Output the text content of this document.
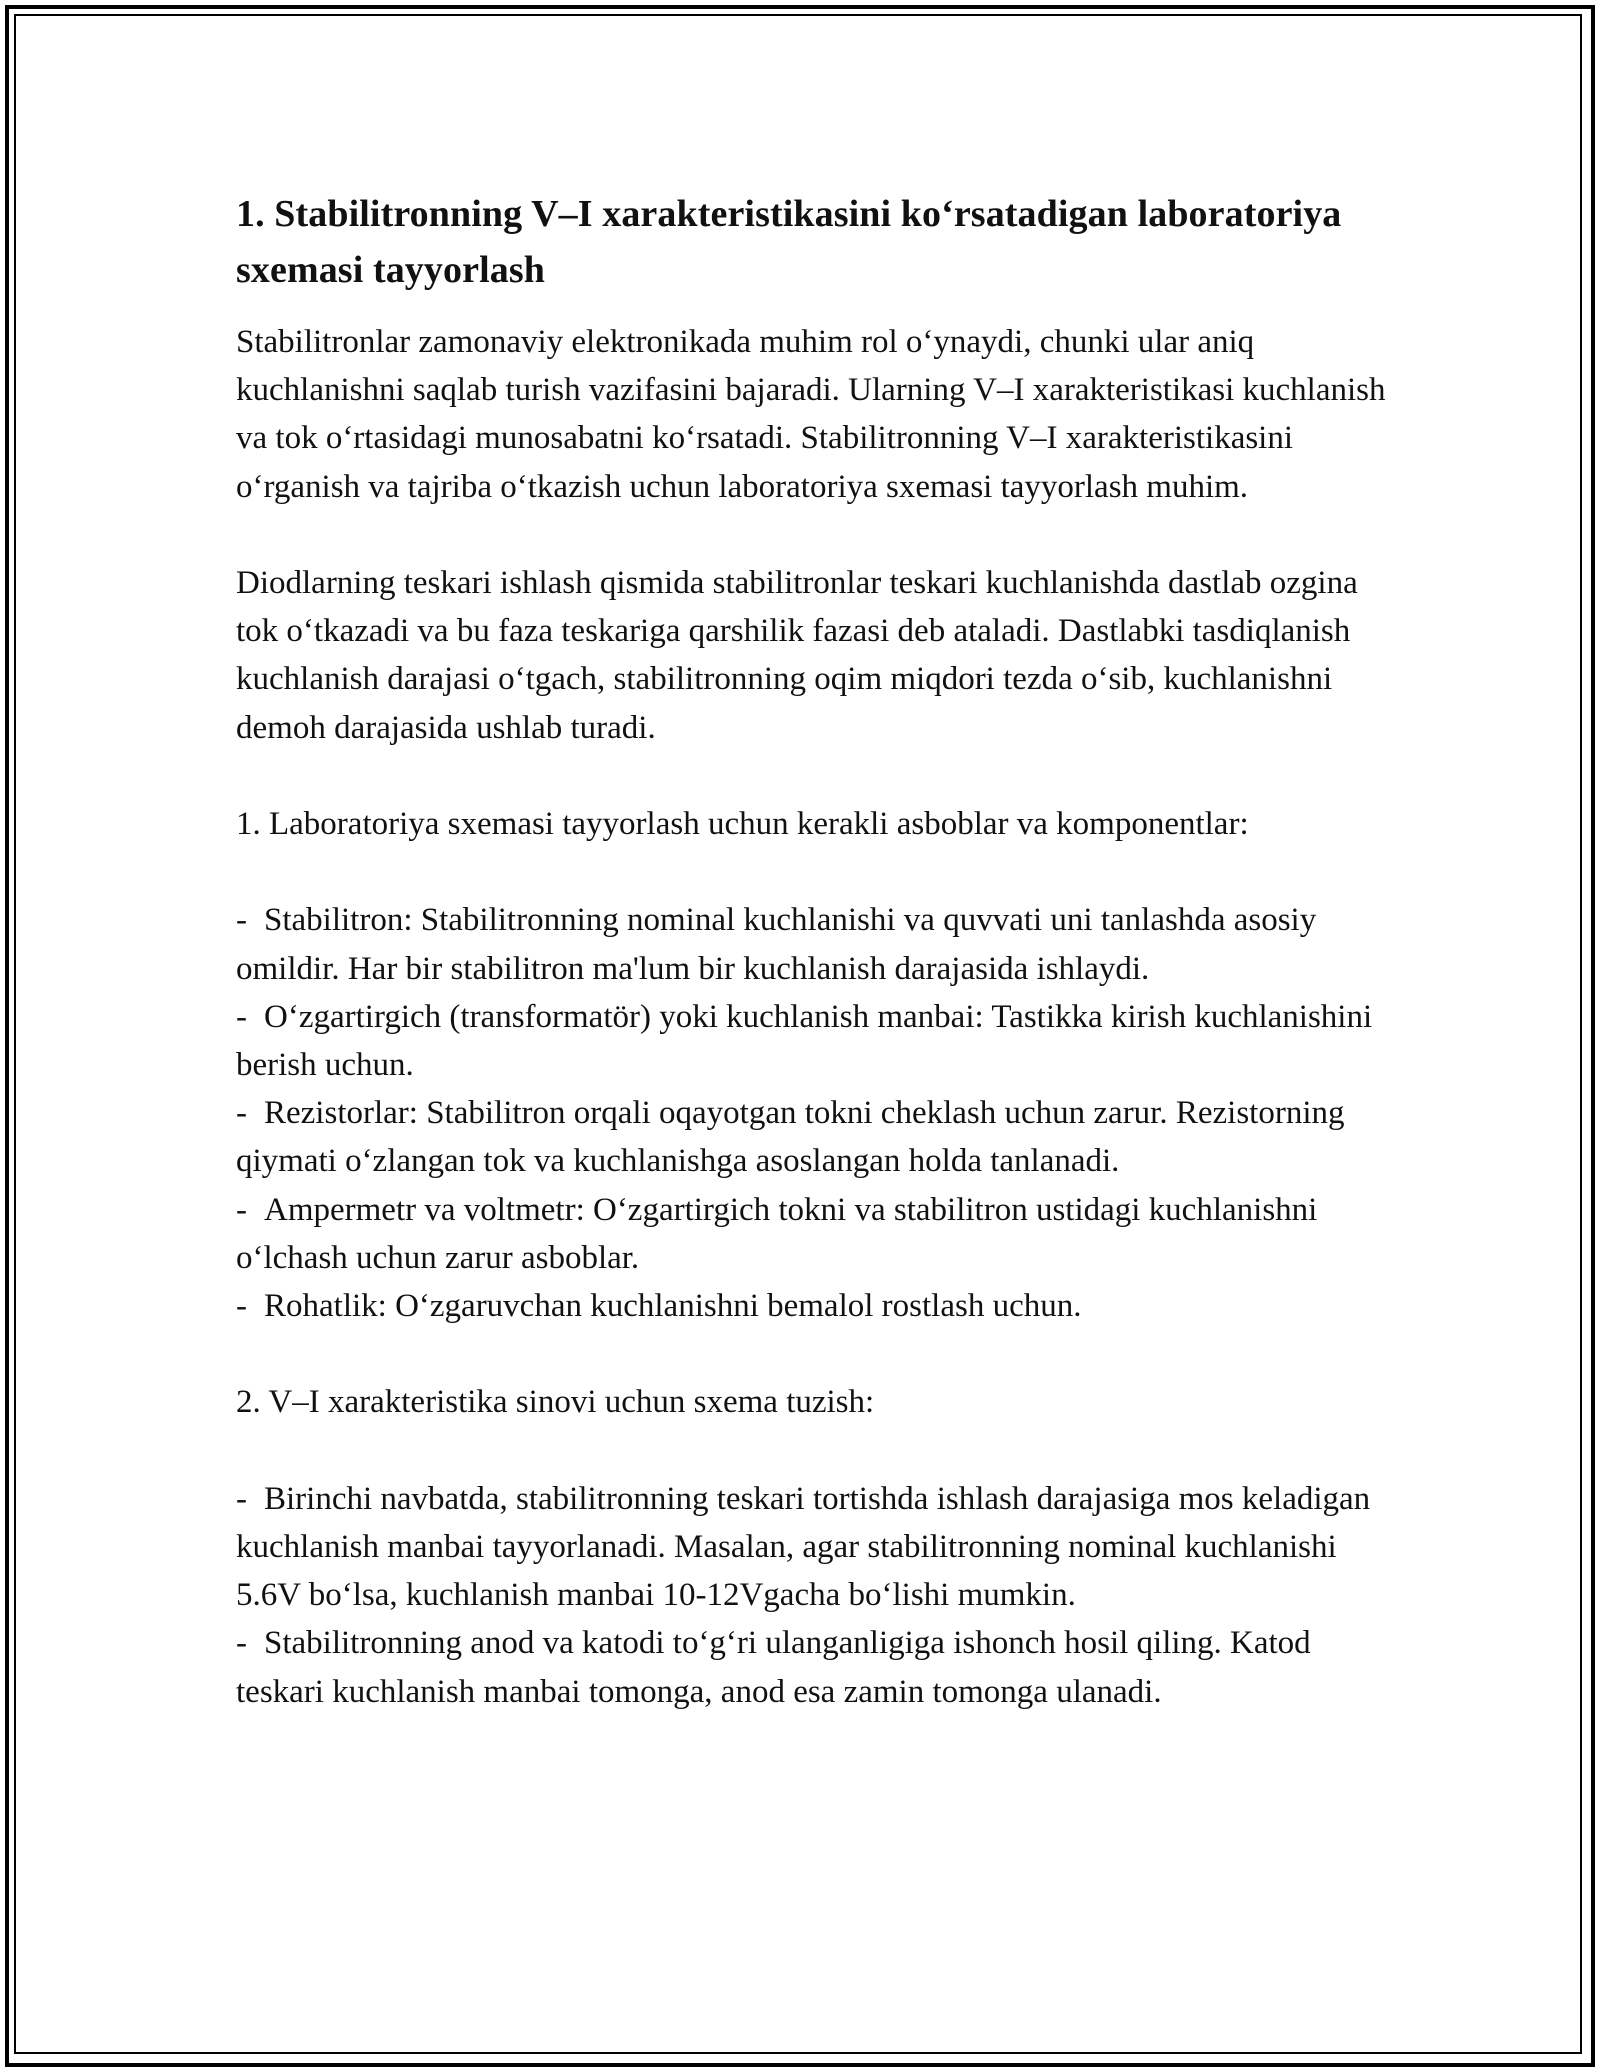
1. Stabilitronning V–I xarakteristikasini ko‘rsatadigan laboratoriya sxemasi tayyorlash

Stabilitronlar zamonaviy elektronikada muhim rol o‘ynaydi, chunki ular aniq kuchlanishni saqlab turish vazifasini bajaradi. Ularning V–I xarakteristikasi kuchlanish va tok o‘rtasidagi munosabatni ko‘rsatadi. Stabilitronning V–I xarakteristikasini o‘rganish va tajriba o‘tkazish uchun laboratoriya sxemasi tayyorlash muhim.

Diodlarning teskari ishlash qismida stabilitronlar teskari kuchlanishda dastlab ozgina tok o‘tkazadi va bu faza teskariga qarshilik fazasi deb ataladi. Dastlabki tasdiqlanish kuchlanish darajasi o‘tgach, stabilitronning oqim miqdori tezda o‘sib, kuchlanishni demoh darajasida ushlab turadi.

1. Laboratoriya sxemasi tayyorlash uchun kerakli asboblar va komponentlar:

- Stabilitron: Stabilitronning nominal kuchlanishi va quvvati uni tanlashda asosiy omildir. Har bir stabilitron ma'lum bir kuchlanish darajasida ishlaydi.

- O‘zgartirgich (transformatör) yoki kuchlanish manbai: Tastikka kirish kuchlanishini berish uchun.

- Rezistorlar: Stabilitron orqali oqayotgan tokni cheklash uchun zarur. Rezistorning qiymati o‘zlangan tok va kuchlanishga asoslangan holda tanlanadi.

- Ampermetr va voltmetr: O‘zgartirgich tokni va stabilitron ustidagi kuchlanishni o‘lchash uchun zarur asboblar.

- Rohatlik: O‘zgaruvchan kuchlanishni bemalol rostlash uchun.

2. V–I xarakteristika sinovi uchun sxema tuzish:

- Birinchi navbatda, stabilitronning teskari tortishda ishlash darajasiga mos keladigan kuchlanish manbai tayyorlanadi. Masalan, agar stabilitronning nominal kuchlanishi 5.6V bo‘lsa, kuchlanish manbai 10-12Vgacha bo‘lishi mumkin.

- Stabilitronning anod va katodi to‘g‘ri ulanganligiga ishonch hosil qiling. Katod teskari kuchlanish manbai tomonga, anod esa zamin tomonga ulanadi.
